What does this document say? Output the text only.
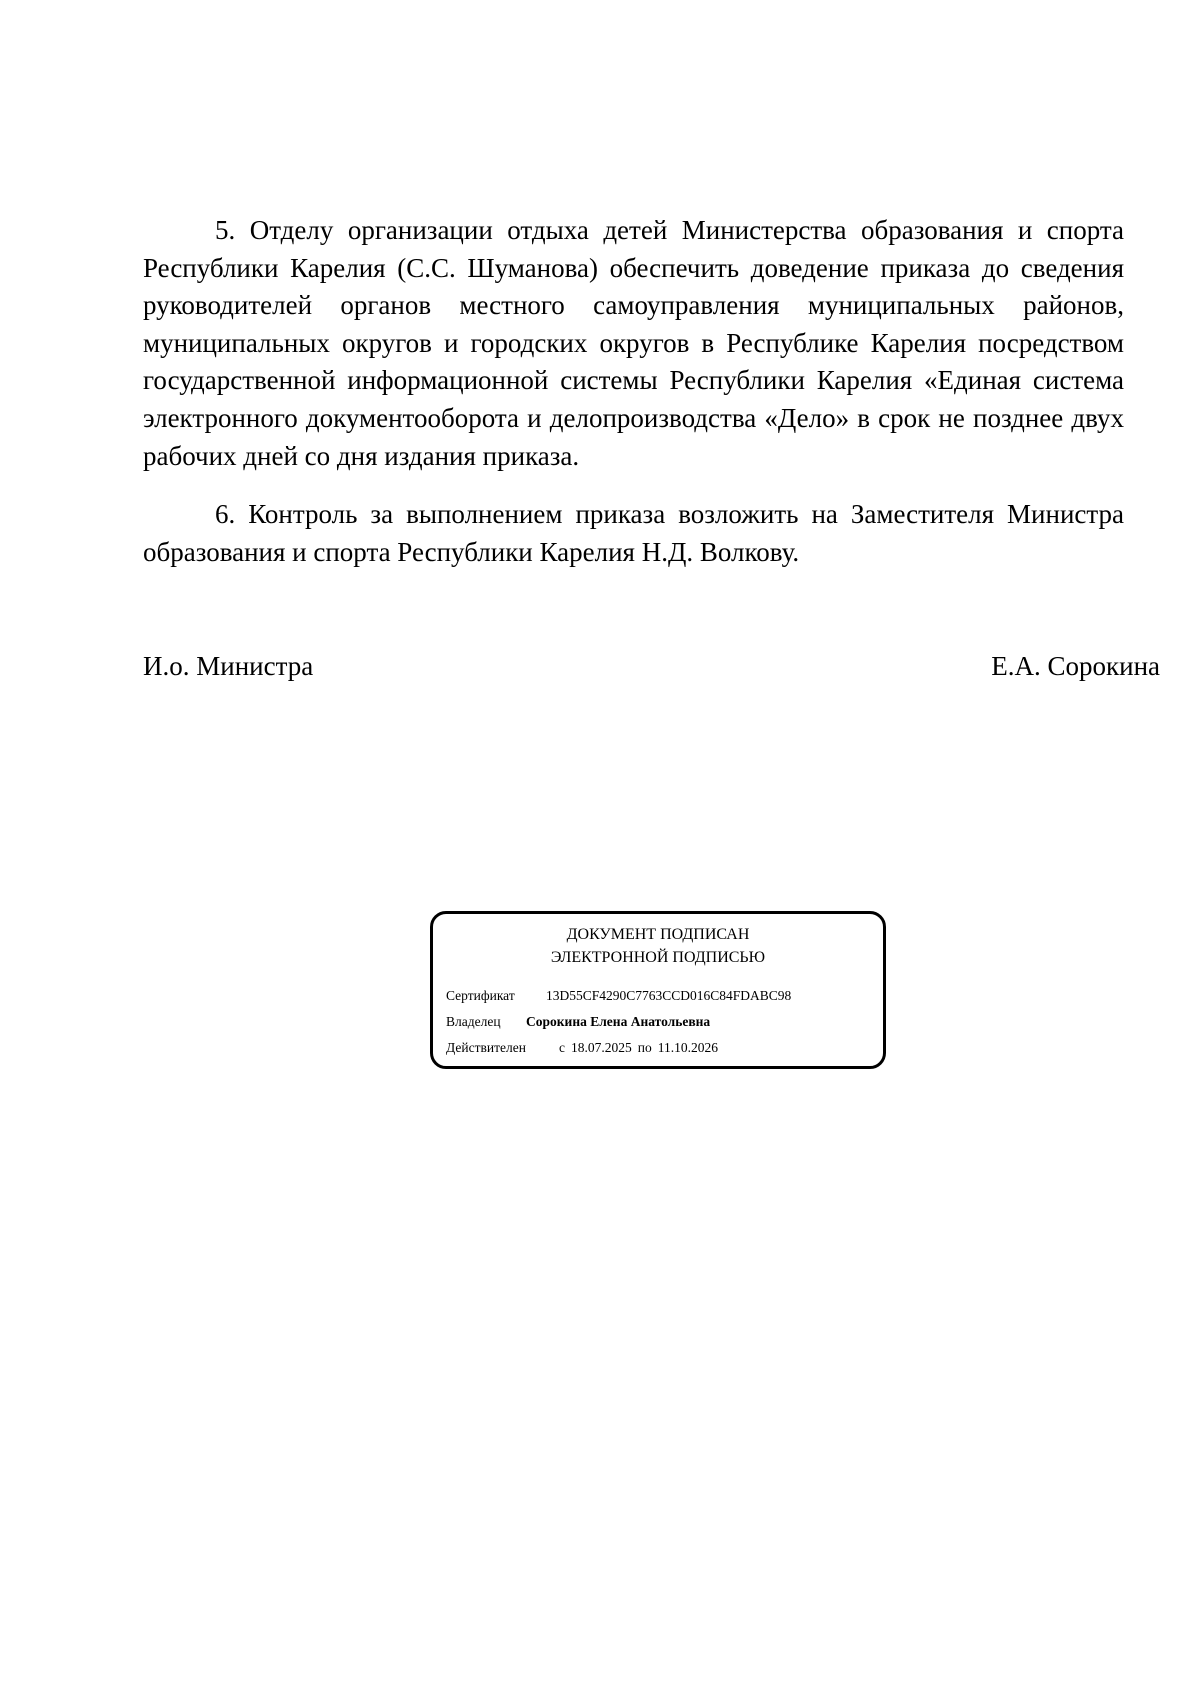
5. Отделу организации отдыха детей Министерства образования и спорта Республики Карелия (С.С. Шуманова) обеспечить доведение приказа до сведения руководителей органов местного самоуправления муниципальных районов, муниципальных округов и городских округов в Республике Карелия посредством государственной информационной системы Республики Карелия «Единая система электронного документооборота и делопроизводства «Дело» в срок не позднее двух рабочих дней со дня издания приказа.

6. Контроль за выполнением приказа возложить на Заместителя Министра образования и спорта Республики Карелия Н.Д. Волкову.

И.о. Министра	Е.А. Сорокина

ДОКУМЕНТ ПОДПИСАН

ЭЛЕКТРОННОЙ ПОДПИСЬЮ

Сертификат 13D55CF4290C7763CCD016C84FDABC98

Владелец Сорокина Елена Анатольевна

Действителен с 18.07.2025 по 11.10.2026
